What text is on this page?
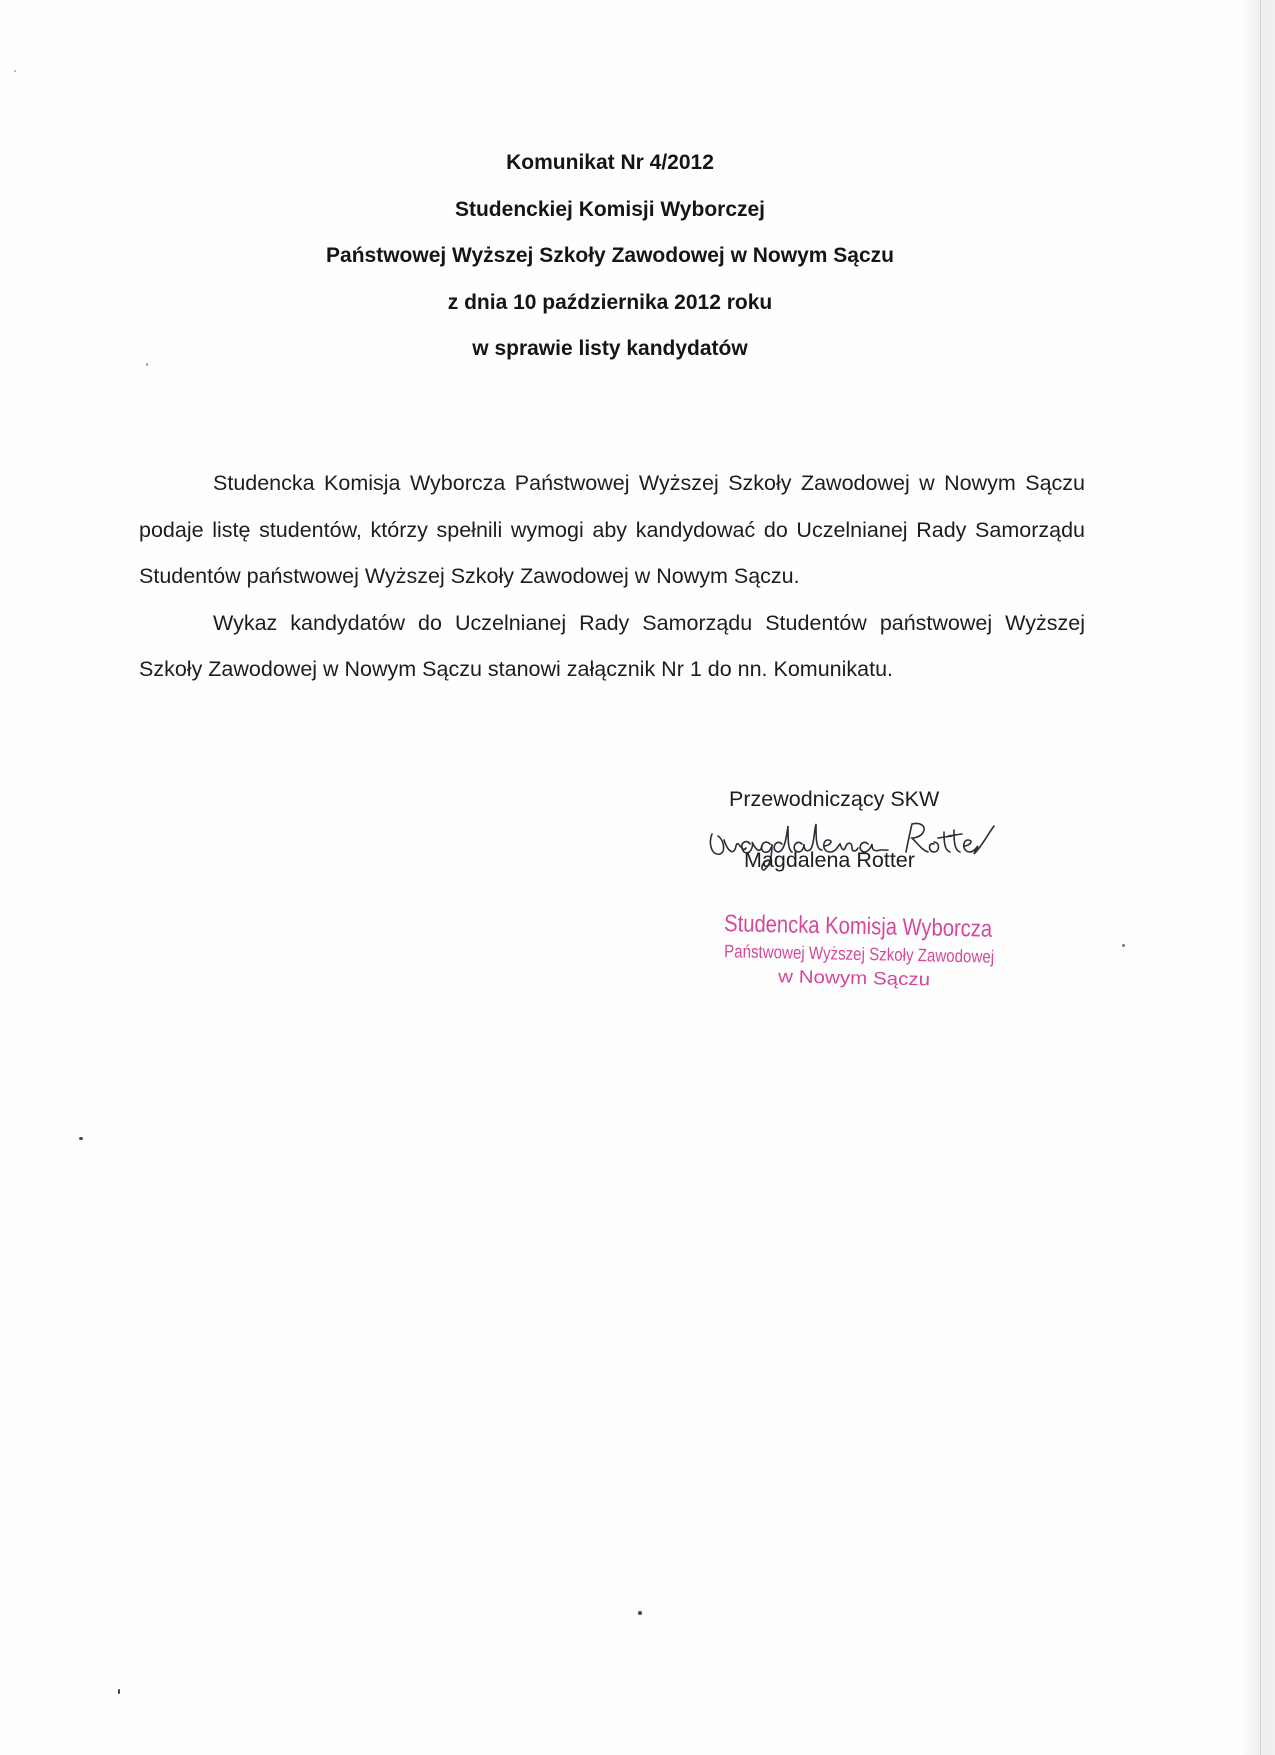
Komunikat Nr 4/2012
Studenckiej Komisji Wyborczej
Państwowej Wyższej Szkoły Zawodowej w Nowym Sączu
z dnia 10 października 2012 roku
w sprawie listy kandydatów

Studencka Komisja Wyborcza Państwowej Wyższej Szkoły Zawodowej w Nowym Sączu podaje listę studentów, którzy spełnili wymogi aby kandydować do Uczelnianej Rady Samorządu Studentów państwowej Wyższej Szkoły Zawodowej w Nowym Sączu.

Wykaz kandydatów do Uczelnianej Rady Samorządu Studentów państwowej Wyższej Szkoły Zawodowej w Nowym Sączu stanowi załącznik Nr 1 do nn. Komunikatu.

Przewodniczący SKW
Magdalena Rotter
Studencka Komisja Wyborcza
Państwowej Wyższej Szkoły Zawodowej
w Nowym Sączu
